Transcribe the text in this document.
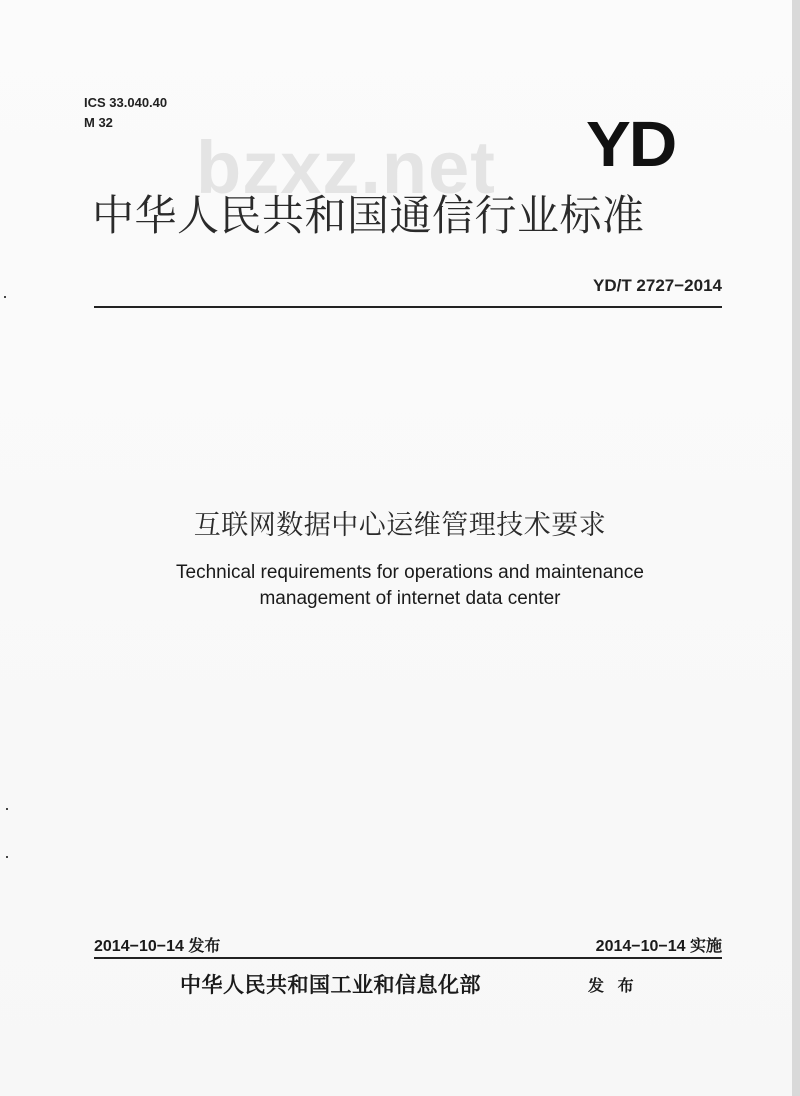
ICS 33.040.40
M 32
bzxz.net YD
中华人民共和国通信行业标准
YD/T 2727−2014
互联网数据中心运维管理技术要求
Technical requirements for operations and maintenance
management of internet data center
2014−10−14 发布	2014−10−14 实施
中华人民共和国工业和信息化部	发 布
